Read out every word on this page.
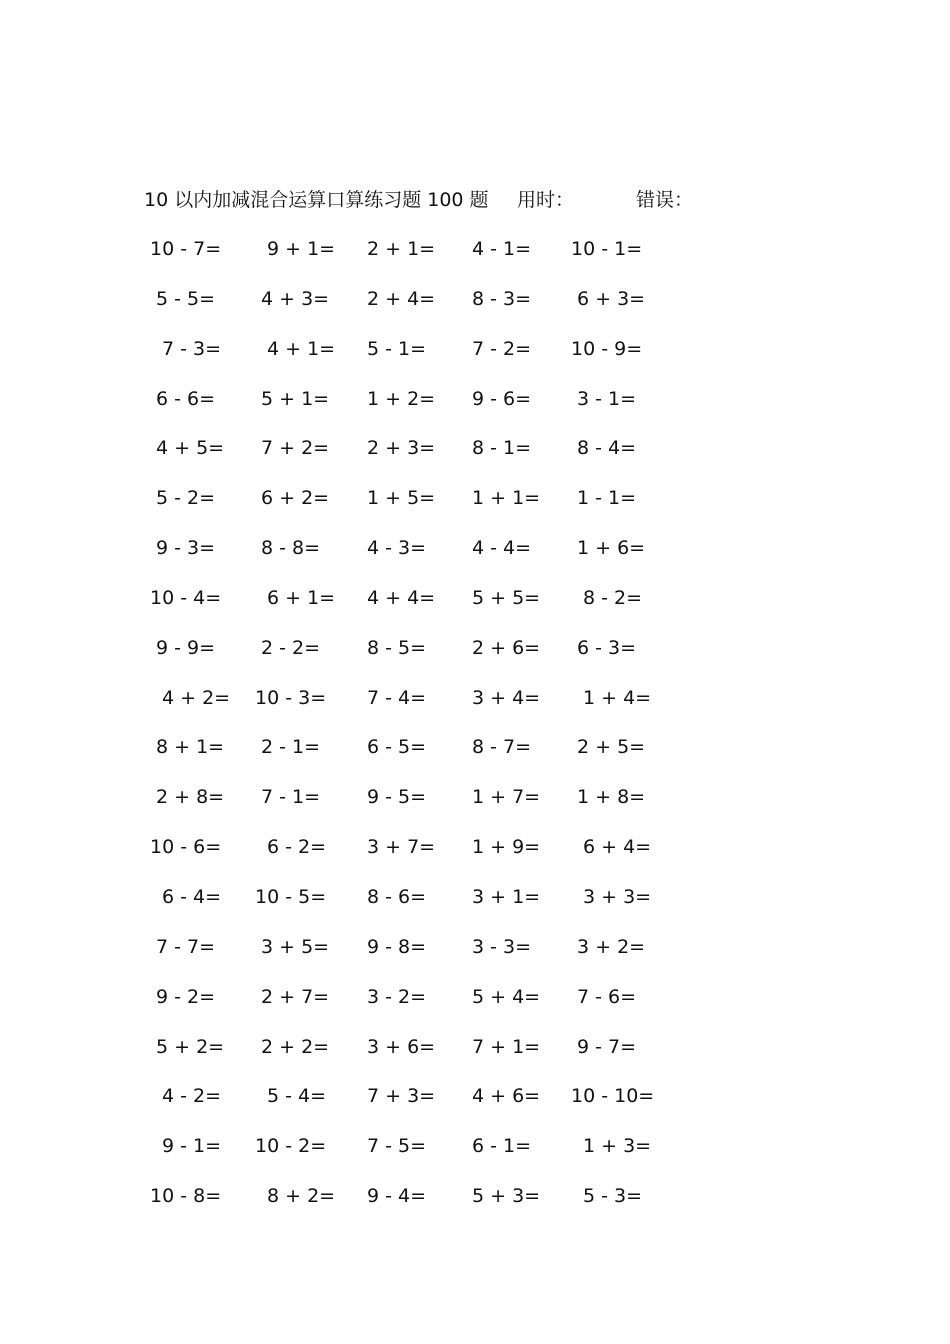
10 以内加减混合运算口算练习题 100 题 用时：	错误：
10 - 7= 9 + 1= 2 + 1= 4 - 1= 10 - 1=
5 - 5= 4 + 3= 2 + 4= 8 - 3= 6 + 3=
7 - 3= 4 + 1= 5 - 1= 7 - 2= 10 - 9=
6 - 6= 5 + 1= 1 + 2= 9 - 6= 3 - 1=
4 + 5= 7 + 2= 2 + 3= 8 - 1= 8 - 4=
5 - 2= 6 + 2= 1 + 5= 1 + 1= 1 - 1=
9 - 3= 8 - 8= 4 - 3= 4 - 4= 1 + 6=
10 - 4= 6 + 1= 4 + 4= 5 + 5= 8 - 2=
9 - 9= 2 - 2= 8 - 5= 2 + 6= 6 - 3=
4 + 2= 10 - 3= 7 - 4= 3 + 4= 1 + 4=
8 + 1= 2 - 1= 6 - 5= 8 - 7= 2 + 5=
2 + 8= 7 - 1= 9 - 5= 1 + 7= 1 + 8=
10 - 6= 6 - 2= 3 + 7= 1 + 9= 6 + 4=
6 - 4= 10 - 5= 8 - 6= 3 + 1= 3 + 3=
7 - 7= 3 + 5= 9 - 8= 3 - 3= 3 + 2=
9 - 2= 2 + 7= 3 - 2= 5 + 4= 7 - 6=
5 + 2= 2 + 2= 3 + 6= 7 + 1= 9 - 7=
4 - 2= 5 - 4= 7 + 3= 4 + 6= 10 - 10=
9 - 1= 10 - 2= 7 - 5= 6 - 1=	1 + 3=
10 - 8= 8 + 2= 9 - 4= 5 + 3= 5 - 3=
